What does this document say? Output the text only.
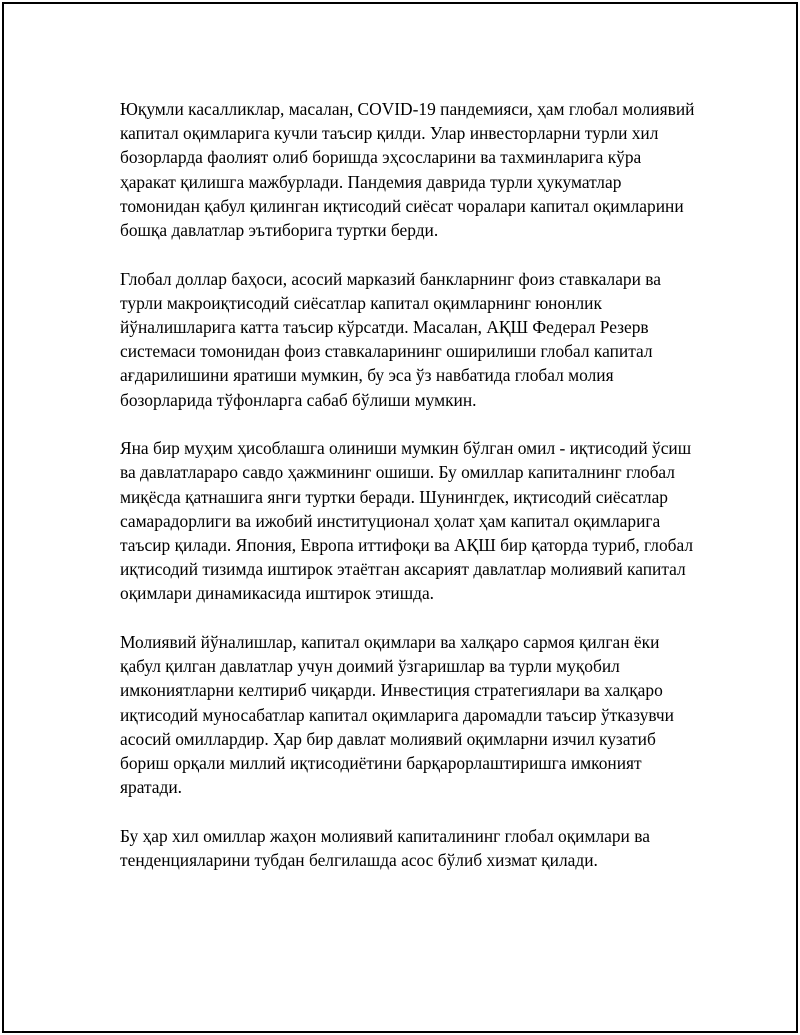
Юқумли касалликлар, масалан, COVID-19 пандемияси, ҳам глобал молиявий капитал оқимларига кучли таъсир қилди. Улар инвесторларни турли хил бозорларда фаолият олиб боришда эҳсосларини ва тахминларига кўра ҳаракат қилишга мажбурлади. Пандемия даврида турли ҳукуматлар томонидан қабул қилинган иқтисодий сиёсат чоралари капитал оқимларини бошқа давлатлар эътиборига туртки берди.

Глобал доллар баҳоси, асосий марказий банкларнинг фоиз ставкалари ва турли макроиқтисодий сиёсатлар капитал оқимларнинг юнонлик йўналишларига катта таъсир кўрсатди. Масалан, АҚШ Федерал Резерв системаси томонидан фоиз ставкаларининг оширилиши глобал капитал ағдарилишини яратиши мумкин, бу эса ўз навбатида глобал молия бозорларида тўфонларга сабаб бўлиши мумкин.

Яна бир муҳим ҳисоблашга олиниши мумкин бўлган омил - иқтисодий ўсиш ва давлатлараро савдо ҳажмининг ошиши. Бу омиллар капиталнинг глобал миқёсда қатнашига янги туртки беради. Шунингдек, иқтисодий сиёсатлар самарадорлиги ва ижобий институционал ҳолат ҳам капитал оқимларига таъсир қилади. Япония, Европа иттифоқи ва АҚШ бир қаторда туриб, глобал иқтисодий тизимда иштирок этаётган аксарият давлатлар молиявий капитал оқимлари динамикасида иштирок этишда.

Молиявий йўналишлар, капитал оқимлари ва халқаро сармоя қилган ёки қабул қилган давлатлар учун доимий ўзгаришлар ва турли муқобил имкониятларни келтириб чиқарди. Инвестиция стратегиялари ва халқаро иқтисодий муносабатлар капитал оқимларига даромадли таъсир ўтказувчи асосий омиллардир. Ҳар бир давлат молиявий оқимларни изчил кузатиб бориш орқали миллий иқтисодиётини барқарорлаштиришга имконият яратади.

Бу ҳар хил омиллар жаҳон молиявий капиталининг глобал оқимлари ва тенденцияларини тубдан белгилашда асос бўлиб хизмат қилади.
